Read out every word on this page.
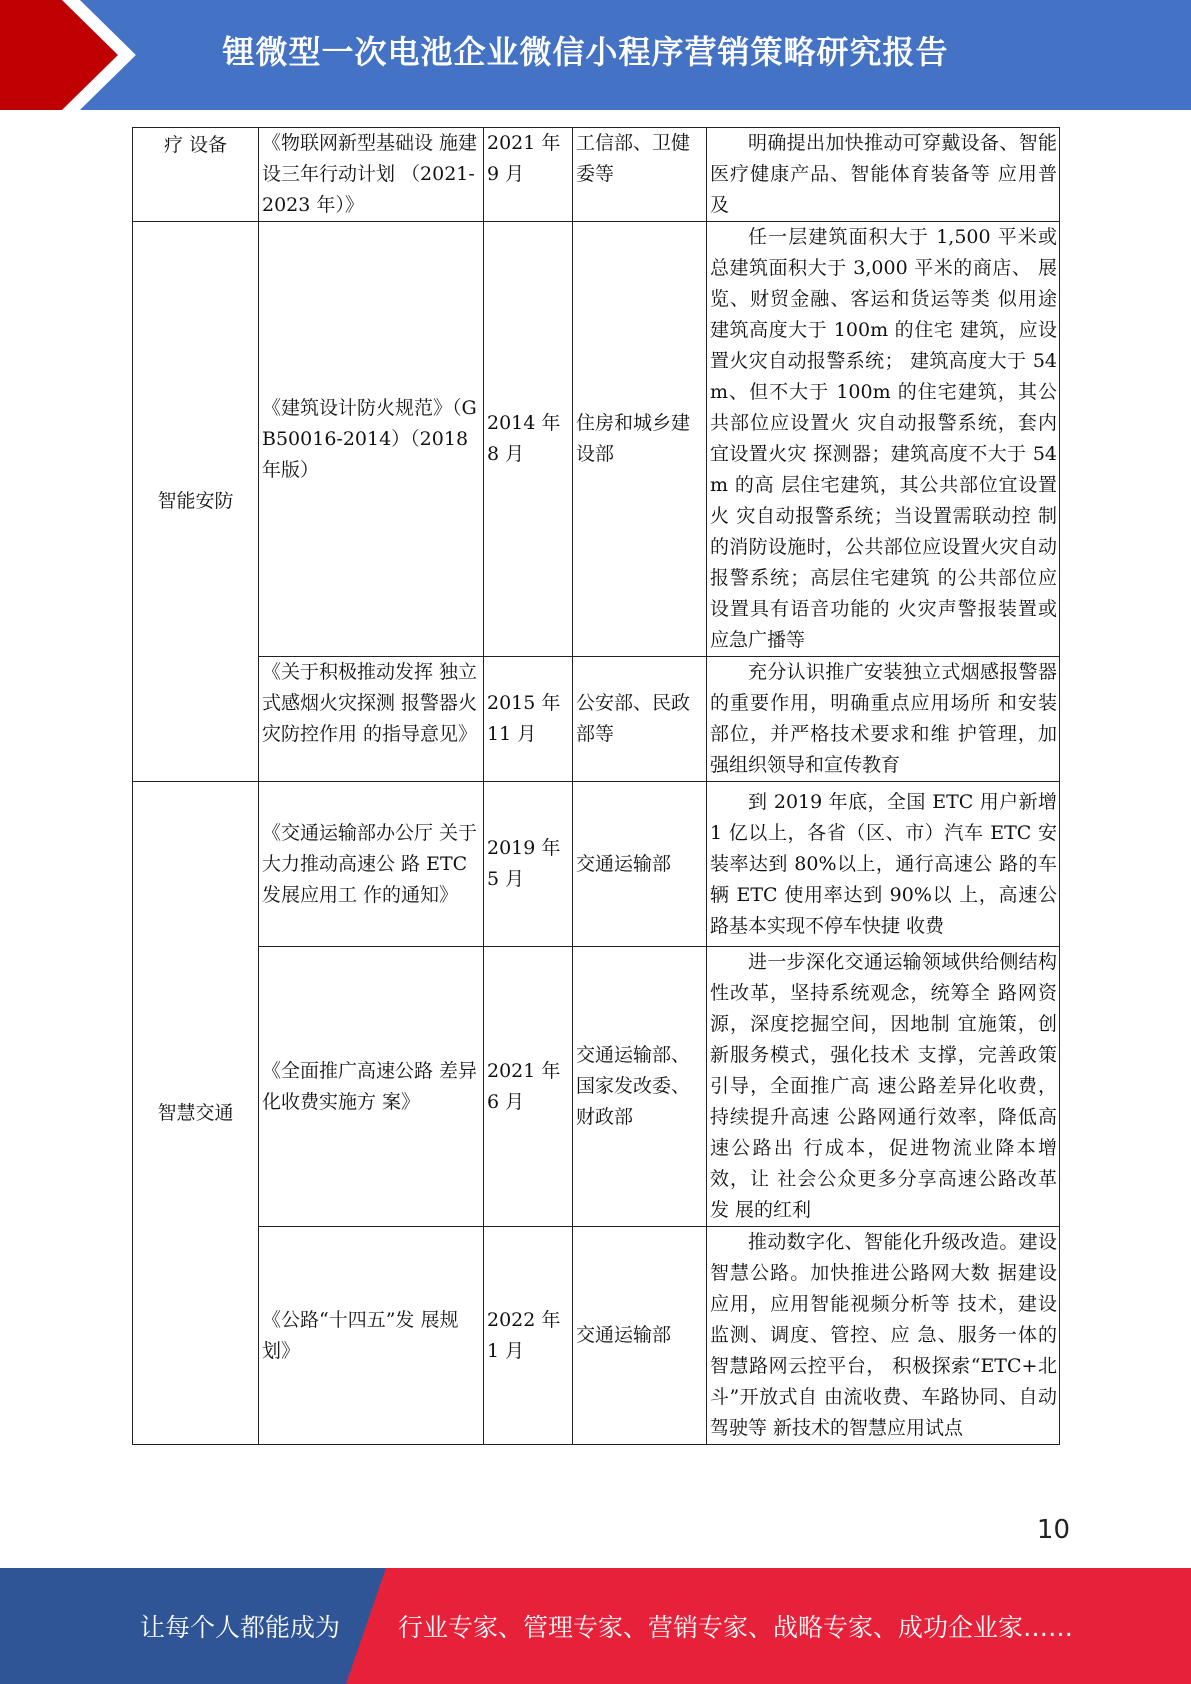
锂微型一次电池企业微信小程序营销策略研究报告
疗 设备	《物联网新型基础设 施建设三年行动计划 （2021-2023 年）》	2021 年 9 月	工信部、卫健委等	明确提出加快推动可穿戴设备、智能医疗健康产品、智能体育装备等 应用普及
智能安防	《建筑设计防火规范》（GB50016-2014）（2018 年版）	2014 年 8 月	住房和城乡建设部	任一层建筑面积大于 1,500 平米或总建筑面积大于 3,000 平米的商店、 展览、财贸金融、客运和货运等类 似用途建筑高度大于 100m 的住宅 建筑，应设置火灾自动报警系统； 建筑高度大于 54m、但不大于 100m 的住宅建筑，其公共部位应设置火 灾自动报警系统，套内宜设置火灾 探测器；建筑高度不大于 54m 的高 层住宅建筑，其公共部位宜设置火 灾自动报警系统；当设置需联动控 制的消防设施时，公共部位应设置火灾自动报警系统；高层住宅建筑 的公共部位应设置具有语音功能的 火灾声警报装置或应急广播等
	《关于积极推动发挥 独立式感烟火灾探测 报警器火灾防控作用 的指导意见》	2015 年 11 月	公安部、民政部等	充分认识推广安装独立式烟感报警器的重要作用，明确重点应用场所 和安装部位，并严格技术要求和维 护管理，加强组织领导和宣传教育
智慧交通	《交通运输部办公厅 关于大力推动高速公 路 ETC 发展应用工 作的通知》	2019 年 5 月	交通运输部	到 2019 年底，全国 ETC 用户新增 1 亿以上，各省（区、市）汽车 ETC 安装率达到 80%以上，通行高速公 路的车辆 ETC 使用率达到 90%以 上，高速公路基本实现不停车快捷 收费
	《全面推广高速公路 差异化收费实施方 案》	2021 年 6 月	交通运输部、国家发改委、财政部	进一步深化交通运输领域供给侧结构性改革，坚持系统观念，统筹全 路网资源，深度挖掘空间，因地制 宜施策，创新服务模式，强化技术 支撑，完善政策引导，全面推广高 速公路差异化收费，持续提升高速 公路网通行效率，降低高速公路出 行成本，促进物流业降本增效，让 社会公众更多分享高速公路改革发 展的红利
	《公路“十四五”发 展规划》	2022 年 1 月	交通运输部	推动数字化、智能化升级改造。建设智慧公路。加快推进公路网大数 据建设应用，应用智能视频分析等 技术，建设监测、调度、管控、应 急、服务一体的智慧路网云控平台， 积极探索“ETC+北斗”开放式自 由流收费、车路协同、自动驾驶等 新技术的智慧应用试点
10
让每个人都能成为	行业专家、管理专家、营销专家、战略专家、成功企业家……
